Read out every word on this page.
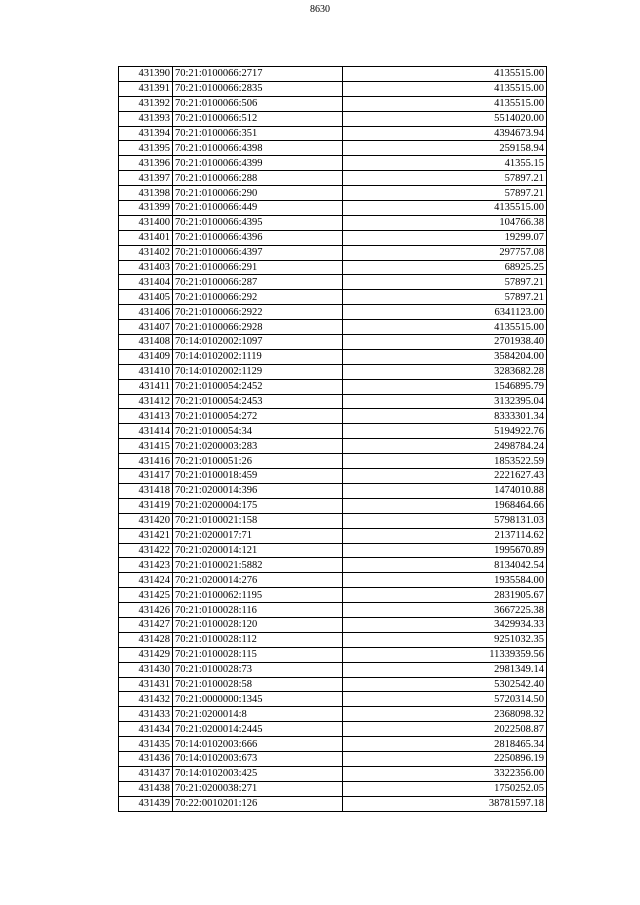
8630
431390	70:21:0100066:2717	4135515.00
431391	70:21:0100066:2835	4135515.00
431392	70:21:0100066:506	4135515.00
431393	70:21:0100066:512	5514020.00
431394	70:21:0100066:351	4394673.94
431395	70:21:0100066:4398	259158.94
431396	70:21:0100066:4399	41355.15
431397	70:21:0100066:288	57897.21
431398	70:21:0100066:290	57897.21
431399	70:21:0100066:449	4135515.00
431400	70:21:0100066:4395	104766.38
431401	70:21:0100066:4396	19299.07
431402	70:21:0100066:4397	297757.08
431403	70:21:0100066:291	68925.25
431404	70:21:0100066:287	57897.21
431405	70:21:0100066:292	57897.21
431406	70:21:0100066:2922	6341123.00
431407	70:21:0100066:2928	4135515.00
431408	70:14:0102002:1097	2701938.40
431409	70:14:0102002:1119	3584204.00
431410	70:14:0102002:1129	3283682.28
431411	70:21:0100054:2452	1546895.79
431412	70:21:0100054:2453	3132395.04
431413	70:21:0100054:272	8333301.34
431414	70:21:0100054:34	5194922.76
431415	70:21:0200003:283	2498784.24
431416	70:21:0100051:26	1853522.59
431417	70:21:0100018:459	2221627.43
431418	70:21:0200014:396	1474010.88
431419	70:21:0200004:175	1968464.66
431420	70:21:0100021:158	5798131.03
431421	70:21:0200017:71	2137114.62
431422	70:21:0200014:121	1995670.89
431423	70:21:0100021:5882	8134042.54
431424	70:21:0200014:276	1935584.00
431425	70:21:0100062:1195	2831905.67
431426	70:21:0100028:116	3667225.38
431427	70:21:0100028:120	3429934.33
431428	70:21:0100028:112	9251032.35
431429	70:21:0100028:115	11339359.56
431430	70:21:0100028:73	2981349.14
431431	70:21:0100028:58	5302542.40
431432	70:21:0000000:1345	5720314.50
431433	70:21:0200014:8	2368098.32
431434	70:21:0200014:2445	2022508.87
431435	70:14:0102003:666	2818465.34
431436	70:14:0102003:673	2250896.19
431437	70:14:0102003:425	3322356.00
431438	70:21:0200038:271	1750252.05
431439	70:22:0010201:126	38781597.18
